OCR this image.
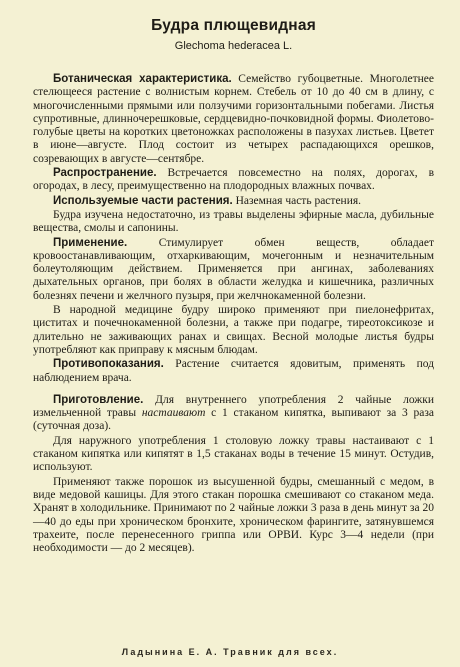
Будра плющевидная
Glechoma hederacea L.

Ботаническая характеристика. Семейство губоцветные. Многолетнее стелющееся растение с волнистым корнем. Стебель от 10 до 40 см в длину, с многочисленными прямыми или ползучими горизонтальными побегами. Листья супротивные, длинночерешковые, сердцевидно-почковидной формы. Фиолетово-голубые цветы на коротких цветоножках расположены в пазухах листьев. Цветет в июне—августе. Плод состоит из четырех распадающихся орешков, созревающих в августе—сентябре.

Распространение. Встречается повсеместно на полях, дорогах, в огородах, в лесу, преимущественно на плодородных влажных почвах.

Используемые части растения. Наземная часть растения.

Будра изучена недостаточно, из травы выделены эфирные масла, дубильные вещества, смолы и сапонины.

Применение.	Стимулирует обмен веществ, обладает кровоостанавливающим, отхаркивающим, мочегонным и незначительным болеутоляющим действием. Применяется при ангинах, заболеваниях дыхательных органов, при болях в области желудка и кишечника, различных болезнях печени и желчного пузыря, при желчнокаменной болезни.

В народной медицине будру широко применяют при пиелонефритах, циститах и почечнокаменной болезни, а также при подагре, тиреотоксикозе и длительно не заживающих ранах и свищах. Весной молодые листья будры употребляют как приправу к мясным блюдам.

Противопоказания. Растение считается ядовитым, применять под наблюдением врача.

Приготовление. Для внутреннего употребления 2 чайные ложки измельченной травы настаивают с 1 стаканом кипятка, выпивают за 3 раза (суточная доза).

Для наружного употребления 1 столовую ложку травы настаивают с 1 стаканом кипятка или кипятят в 1,5 стаканах воды в течение 15 минут. Остудив, используют.

Применяют также порошок из высушенной будры, смешанный с медом, в виде медовой кашицы. Для этого стакан порошка смешивают со стаканом меда. Хранят в холодильнике. Принимают по 2 чайные ложки 3 раза в день минут за 20—40 до еды при хроническом бронхите, хроническом фарингите, затянувшемся трахеите, после перенесенного гриппа или ОРВИ. Курс 3—4 недели (при необходимости — до 2 месяцев).

Ладынина Е. А. Травник для всех.
